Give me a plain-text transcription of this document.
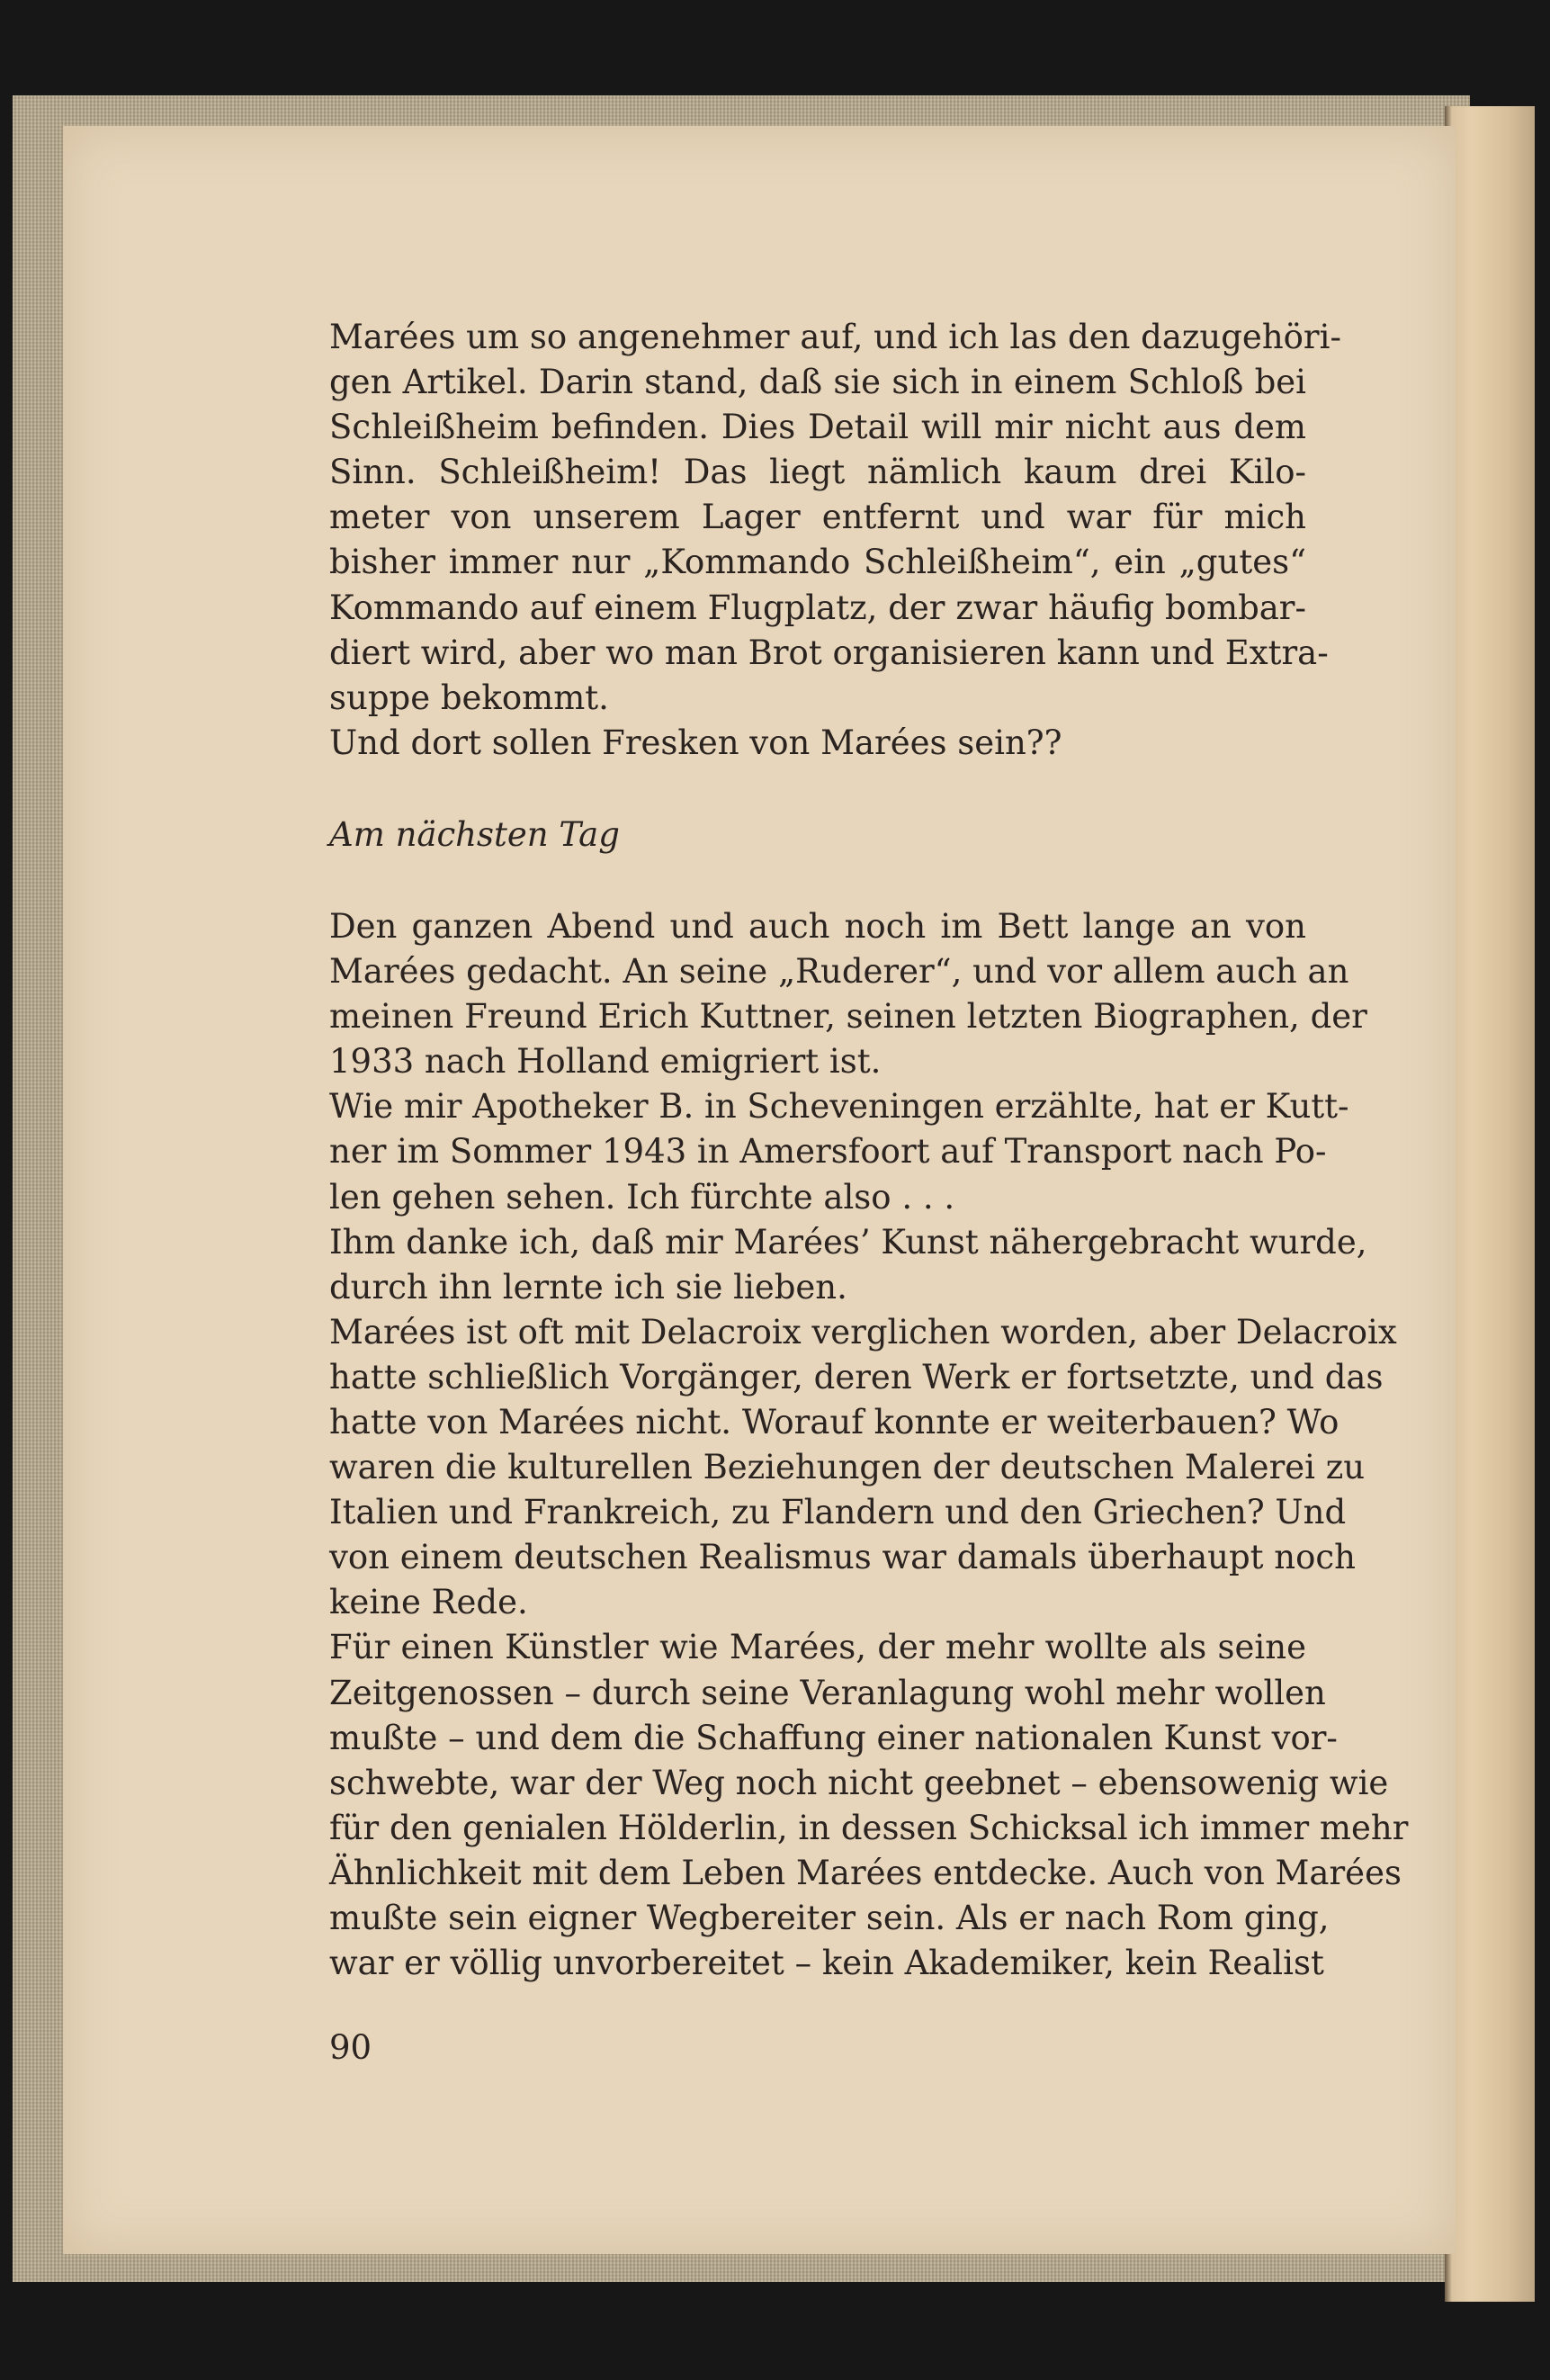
Marées um so angenehmer auf, und ich las den dazugehöri-
gen Artikel. Darin stand, daß sie sich in einem Schloß bei
Schleißheim befinden. Dies Detail will mir nicht aus dem
Sinn. Schleißheim! Das liegt nämlich kaum drei Kilo-
meter von unserem Lager entfernt und war für mich
bisher immer nur „Kommando Schleißheim“, ein „gutes“
Kommando auf einem Flugplatz, der zwar häufig bombar-
diert wird, aber wo man Brot organisieren kann und Extra-
suppe bekommt.
Und dort sollen Fresken von Marées sein??
Am nächsten Tag
Den ganzen Abend und auch noch im Bett lange an von
Marées gedacht. An seine „Ruderer“, und vor allem auch an
meinen Freund Erich Kuttner, seinen letzten Biographen, der
1933 nach Holland emigriert ist.
Wie mir Apotheker B. in Scheveningen erzählte, hat er Kutt-
ner im Sommer 1943 in Amersfoort auf Transport nach Po-
len gehen sehen. Ich fürchte also . . .
Ihm danke ich, daß mir Marées’ Kunst nähergebracht wurde,
durch ihn lernte ich sie lieben.
Marées ist oft mit Delacroix verglichen worden, aber Delacroix
hatte schließlich Vorgänger, deren Werk er fortsetzte, und das
hatte von Marées nicht. Worauf konnte er weiterbauen? Wo
waren die kulturellen Beziehungen der deutschen Malerei zu
Italien und Frankreich, zu Flandern und den Griechen? Und
von einem deutschen Realismus war damals überhaupt noch
keine Rede.
Für einen Künstler wie Marées, der mehr wollte als seine
Zeitgenossen – durch seine Veranlagung wohl mehr wollen
mußte – und dem die Schaffung einer nationalen Kunst vor-
schwebte, war der Weg noch nicht geebnet – ebensowenig wie
für den genialen Hölderlin, in dessen Schicksal ich immer mehr
Ähnlichkeit mit dem Leben Marées entdecke. Auch von Marées
mußte sein eigner Wegbereiter sein. Als er nach Rom ging,
war er völlig unvorbereitet – kein Akademiker, kein Realist
90
